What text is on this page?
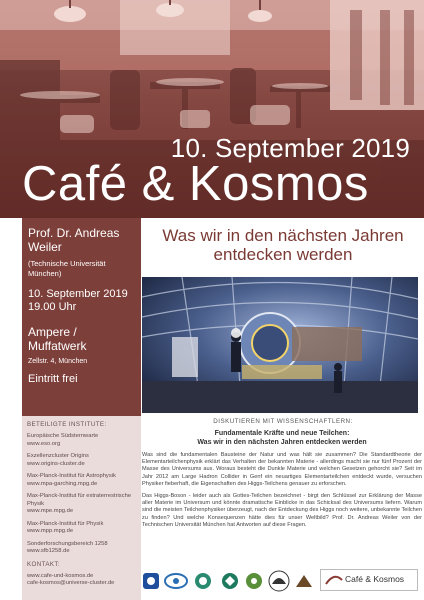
10. September 2019
Café & Kosmos
Prof. Dr. Andreas Weiler
(Technische Universität München)
10. September 2019
19.00 Uhr
Ampere / Muffatwerk
Zellstr. 4, München
Eintritt frei
BETEILIGTE INSTITUTE:
Europäische Südsternwarte
www.eso.org
Exzellenzcluster Origins
www.origins-cluster.de
Max-Planck-Institut für Astrophysik
www.mpa-garching.mpg.de
Max-Planck-Institut für extraterrestrische Physik
www.mpe.mpg.de
Max-Planck-Institut für Physik
www.mpp.mpg.de
Sonderforschungsbereich 1258
www.sfb1258.de
KONTAKT:
www.cafe-und-kosmos.de
cafe-kosmos@universe-cluster.de
Was wir in den nächsten Jahren entdecken werden
DISKUTIEREN MIT WISSENSCHAFTLERN:
Fundamentale Kräfte und neue Teilchen:
Was wir in den nächsten Jahren entdecken werden

Was sind die fundamentalen Bausteine der Natur und was hält sie zusammen? Die Standardtheorie der Elementarteilchenphysik erklärt das Verhalten der bekannten Materie - allerdings macht sie nur fünf Prozent der Masse des Universums aus. Woraus besteht die Dunkle Materie und welchen Gesetzen gehorcht sie? Seit im Jahr 2012 am Large Hadron Collider in Genf ein neuartiges Elementarteilchen entdeckt wurde, versuchen Physiker fieberhaft, die Eigenschaften des Higgs-Teilchens genauer zu erforschen.

Das Higgs-Boson - leider auch als Gottes-Teilchen bezeichnet - birgt den Schlüssel zur Erklärung der Masse aller Materie im Universum und könnte dramatische Einblicke in das Schicksal des Universums liefern. Warum sind die meisten Teilchenphysiker überzeugt, nach der Entdeckung des Higgs noch weitere, unbekannte Teilchen zu finden? Und welche Konsequenzen hätte dies für unser Weltbild? Prof. Dr. Andreas Weiler von der Technischen Universität München hat Antworten auf diese Fragen.

Café & Kosmos
